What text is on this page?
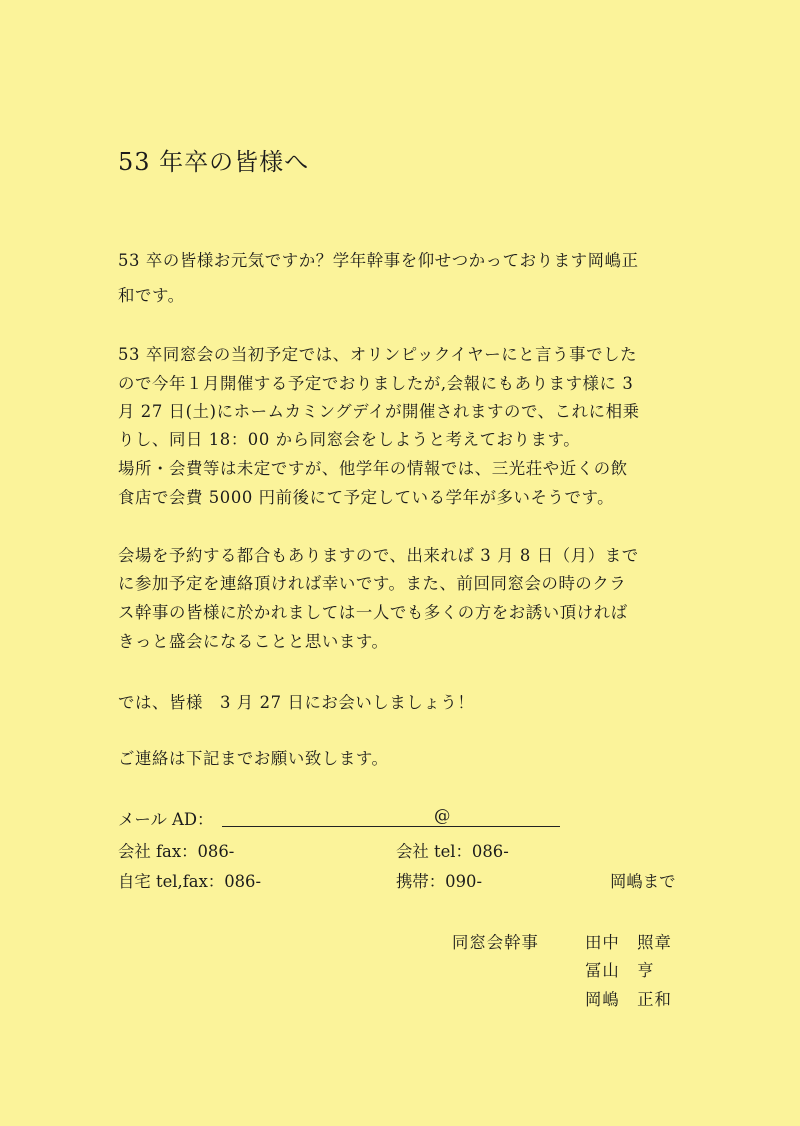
53 年卒の皆様へ
53 卒の皆様お元気ですか？学年幹事を仰せつかっております岡嶋正
和です。
53 卒同窓会の当初予定では、オリンピックイヤーにと言う事でした
ので今年１月開催する予定でおりましたが,会報にもあります様に 3
月 27 日(土)にホームカミングデイが開催されますので、これに相乗
りし、同日 18：00 から同窓会をしようと考えております。
場所・会費等は未定ですが、他学年の情報では、三光荘や近くの飲
食店で会費 5000 円前後にて予定している学年が多いそうです。
会場を予約する都合もありますので、出来れば 3 月 8 日（月）まで
に参加予定を連絡頂ければ幸いです。また、前回同窓会の時のクラ
ス幹事の皆様に於かれましては一人でも多くの方をお誘い頂ければ
きっと盛会になることと思います。
では、皆様　3 月 27 日にお会いしましょう！
ご連絡は下記までお願い致します。
メール AD：	@
会社 fax：086-	会社 tel：086-
自宅 tel,fax：086-	携帯：090-	岡嶋まで
同窓会幹事	田中　照章
冨山　亨
岡嶋　正和
